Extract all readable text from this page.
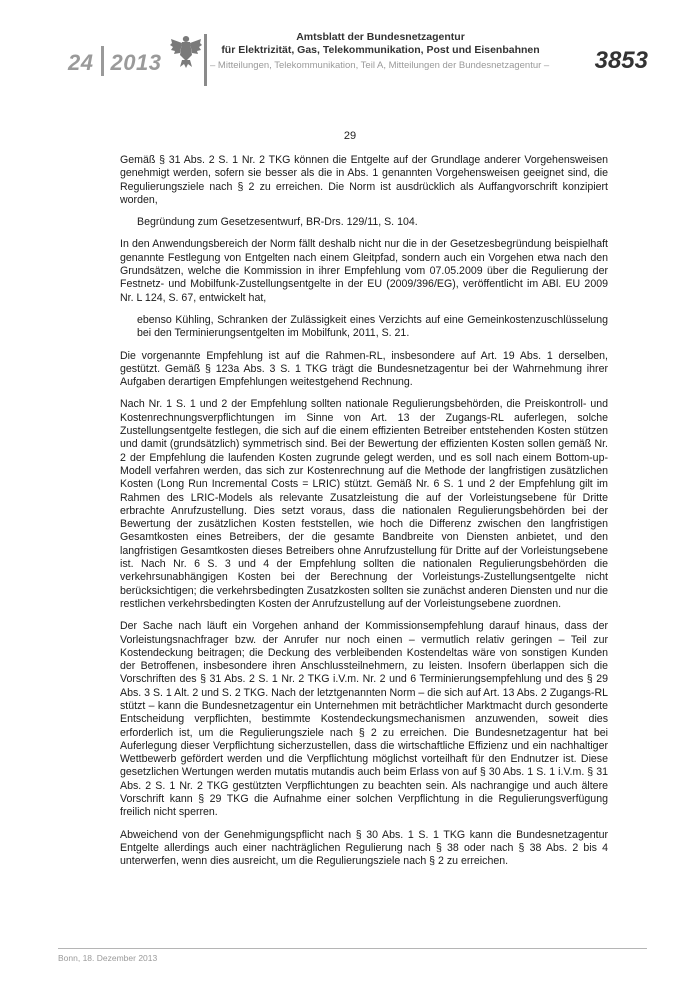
24 2013
Amtsblatt der Bundesnetzagentur
für Elektrizität, Gas, Telekommunikation, Post und Eisenbahnen
– Mitteilungen, Telekommunikation, Teil A, Mitteilungen der Bundesnetzagentur – 3853
29

Gemäß § 31 Abs. 2 S. 1 Nr. 2 TKG können die Entgelte auf der Grundlage anderer Vorgehensweisen genehmigt werden, sofern sie besser als die in Abs. 1 genannten Vorgehensweisen geeignet sind, die Regulierungsziele nach § 2 zu erreichen. Die Norm ist ausdrücklich als Auffangvorschrift konzipiert worden,

Begründung zum Gesetzesentwurf, BR-Drs. 129/11, S. 104.

In den Anwendungsbereich der Norm fällt deshalb nicht nur die in der Gesetzesbegründung beispielhaft genannte Festlegung von Entgelten nach einem Gleitpfad, sondern auch ein Vorgehen etwa nach den Grundsätzen, welche die Kommission in ihrer Empfehlung vom 07.05.2009 über die Regulierung der Festnetz- und Mobilfunk-Zustellungsentgelte in der EU (2009/396/EG), veröffentlicht im ABl. EU 2009 Nr. L 124, S. 67, entwickelt hat,

ebenso Kühling, Schranken der Zulässigkeit eines Verzichts auf eine Gemeinkostenzuschlüsselung bei den Terminierungsentgelten im Mobilfunk, 2011, S. 21.

Die vorgenannte Empfehlung ist auf die Rahmen-RL, insbesondere auf Art. 19 Abs. 1 derselben, gestützt. Gemäß § 123a Abs. 3 S. 1 TKG trägt die Bundesnetzagentur bei der Wahrnehmung ihrer Aufgaben derartigen Empfehlungen weitestgehend Rechnung.

Nach Nr. 1 S. 1 und 2 der Empfehlung sollten nationale Regulierungsbehörden, die Preiskontroll- und Kostenrechnungsverpflichtungen im Sinne von Art. 13 der Zugangs-RL auferlegen, solche Zustellungsentgelte festlegen, die sich auf die einem effizienten Betreiber entstehenden Kosten stützen und damit (grundsätzlich) symmetrisch sind. Bei der Bewertung der effizienten Kosten sollen gemäß Nr. 2 der Empfehlung die laufenden Kosten zugrunde gelegt werden, und es soll nach einem Bottom-up-Modell verfahren werden, das sich zur Kostenrechnung auf die Methode der langfristigen zusätzlichen Kosten (Long Run Incremental Costs = LRIC) stützt. Gemäß Nr. 6 S. 1 und 2 der Empfehlung gilt im Rahmen des LRIC-Models als relevante Zusatzleistung die auf der Vorleistungsebene für Dritte erbrachte Anrufzustellung. Dies setzt voraus, dass die nationalen Regulierungsbehörden bei der Bewertung der zusätzlichen Kosten feststellen, wie hoch die Differenz zwischen den langfristigen Gesamtkosten eines Betreibers, der die gesamte Bandbreite von Diensten anbietet, und den langfristigen Gesamtkosten dieses Betreibers ohne Anrufzustellung für Dritte auf der Vorleistungsebene ist. Nach Nr. 6 S. 3 und 4 der Empfehlung sollten die nationalen Regulierungsbehörden die verkehrsunabhängigen Kosten bei der Berechnung der Vorleistungs-Zustellungsentgelte nicht berücksichtigen; die verkehrsbedingten Zusatzkosten sollten sie zunächst anderen Diensten und nur die restlichen verkehrsbedingten Kosten der Anrufzustellung auf der Vorleistungsebene zuordnen.

Der Sache nach läuft ein Vorgehen anhand der Kommissionsempfehlung darauf hinaus, dass der Vorleistungsnachfrager bzw. der Anrufer nur noch einen – vermutlich relativ geringen – Teil zur Kostendeckung beitragen; die Deckung des verbleibenden Kostendeltas wäre von sonstigen Kunden der Betroffenen, insbesondere ihren Anschlussteilnehmern, zu leisten. Insofern überlappen sich die Vorschriften des § 31 Abs. 2 S. 1 Nr. 2 TKG i.V.m. Nr. 2 und 6 Terminierungsempfehlung und des § 29 Abs. 3 S. 1 Alt. 2 und S. 2 TKG. Nach der letztgenannten Norm – die sich auf Art. 13 Abs. 2 Zugangs-RL stützt – kann die Bundesnetzagentur ein Unternehmen mit beträchtlicher Marktmacht durch gesonderte Entscheidung verpflichten, bestimmte Kostendeckungsmechanismen anzuwenden, soweit dies erforderlich ist, um die Regulierungsziele nach § 2 zu erreichen. Die Bundesnetzagentur hat bei Auferlegung dieser Verpflichtung sicherzustellen, dass die wirtschaftliche Effizienz und ein nachhaltiger Wettbewerb gefördert werden und die Verpflichtung möglichst vorteilhaft für den Endnutzer ist. Diese gesetzlichen Wertungen werden mutatis mutandis auch beim Erlass von auf § 30 Abs. 1 S. 1 i.V.m. § 31 Abs. 2 S. 1 Nr. 2 TKG gestützten Verpflichtungen zu beachten sein. Als nachrangige und auch ältere Vorschrift kann § 29 TKG die Aufnahme einer solchen Verpflichtung in die Regulierungsverfügung freilich nicht sperren.

Abweichend von der Genehmigungspflicht nach § 30 Abs. 1 S. 1 TKG kann die Bundesnetzagentur Entgelte allerdings auch einer nachträglichen Regulierung nach § 38 oder nach § 38 Abs. 2 bis 4 unterwerfen, wenn dies ausreicht, um die Regulierungsziele nach § 2 zu erreichen.

Bonn, 18. Dezember 2013
